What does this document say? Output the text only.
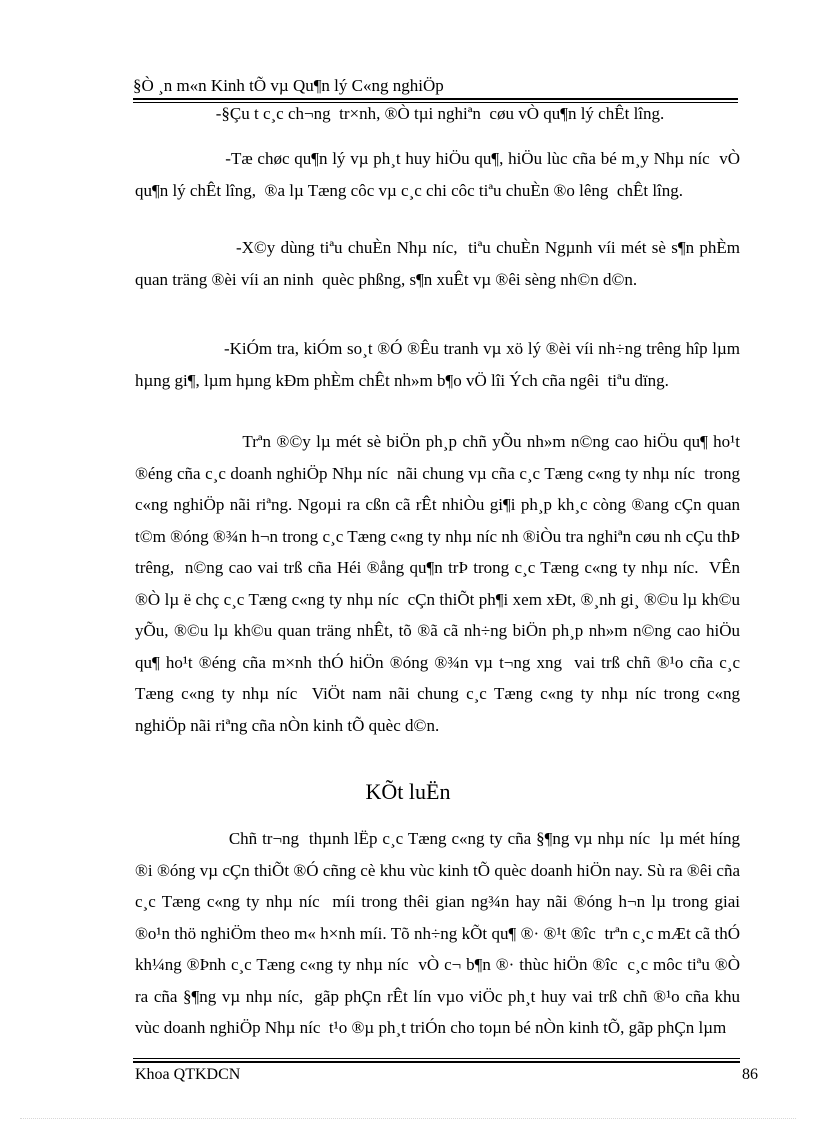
§Ò ¸n m«n Kinh tÕ vµ Qu¶n lý C«ng nghiÖp

-§Çu t c¸c ch¬ng  tr×nh, ®Ò tµi nghiªn  cøu vÒ qu¶n lý chÊt lîng.

-Tæ chøc qu¶n lý vµ ph¸t huy hiÖu qu¶, hiÖu lùc cña bé m¸y Nhµ níc  vÒ qu¶n lý chÊt lîng,  ®a lµ Tæng côc vµ c¸c chi côc tiªu chuÈn ®o lêng  chÊt lîng.

-X©y dùng tiªu chuÈn Nhµ níc,  tiªu chuÈn Ngµnh víi mét sè s¶n phÈm quan träng ®èi víi an ninh  quèc phßng, s¶n xuÊt vµ ®êi sèng nh©n d©n.

-KiÓm tra, kiÓm so¸t ®Ó ®Êu tranh vµ xö lý ®èi víi nh÷ng trêng hîp lµm hµng gi¶, lµm hµng kÐm phÈm chÊt nh»m b¶o vÖ lîi Ých cña ngêi  tiªu dïng.

Trªn ®©y lµ mét sè biÖn ph¸p chñ yÕu nh»m n©ng cao hiÖu qu¶ ho¹t ®éng cña c¸c doanh nghiÖp Nhµ níc  nãi chung vµ cña c¸c Tæng c«ng ty nhµ níc  trong c«ng nghiÖp nãi riªng. Ngoµi ra cßn cã rÊt nhiÒu gi¶i ph¸p kh¸c còng ®ang cÇn quan t©m ®óng ®¾n h¬n trong c¸c Tæng c«ng ty nhµ níc nh ®iÒu tra nghiªn cøu nh cÇu thÞ trêng,  n©ng cao vai trß cña Héi ®ång qu¶n trÞ trong c¸c Tæng c«ng ty nhµ níc.  VÊn ®Ò lµ ë chç c¸c Tæng c«ng ty nhµ níc  cÇn thiÕt ph¶i xem xÐt, ®¸nh gi¸ ®©u lµ kh©u yÕu, ®©u lµ kh©u quan träng nhÊt, tõ ®ã cã nh÷ng biÖn ph¸p nh»m n©ng cao hiÖu qu¶ ho¹t ®éng cña m×nh thÓ hiÖn ®óng ®¾n vµ t¬ng xng  vai trß chñ ®¹o cña c¸c Tæng c«ng ty nhµ níc  ViÖt nam nãi chung c¸c Tæng c«ng ty nhµ níc trong c«ng nghiÖp nãi riªng cña nÒn kinh tÕ quèc d©n.

KÕt luËn

Chñ tr¬ng  thµnh lËp c¸c Tæng c«ng ty cña §¶ng vµ nhµ níc  lµ mét híng  ®i ®óng vµ cÇn thiÕt ®Ó cñng cè khu vùc kinh tÕ quèc doanh hiÖn nay. Sù ra ®êi cña c¸c Tæng c«ng ty nhµ níc  míi trong thêi gian ng¾n hay nãi ®óng h¬n lµ trong giai  ®o¹n thö nghiÖm theo m« h×nh míi. Tõ nh÷ng kÕt qu¶ ®· ®¹t ®îc  trªn c¸c mÆt cã thÓ kh¼ng ®Þnh c¸c Tæng c«ng ty nhµ níc  vÒ c¬ b¶n ®· thùc hiÖn ®îc  c¸c môc tiªu ®Ò ra cña §¶ng vµ nhµ níc,  gãp phÇn rÊt lín vµo viÖc ph¸t huy vai trß chñ ®¹o cña khu vùc doanh nghiÖp Nhµ níc  t¹o ®µ ph¸t triÓn cho toµn bé nÒn kinh tÕ, gãp phÇn lµm

Khoa QTKDCN	86
